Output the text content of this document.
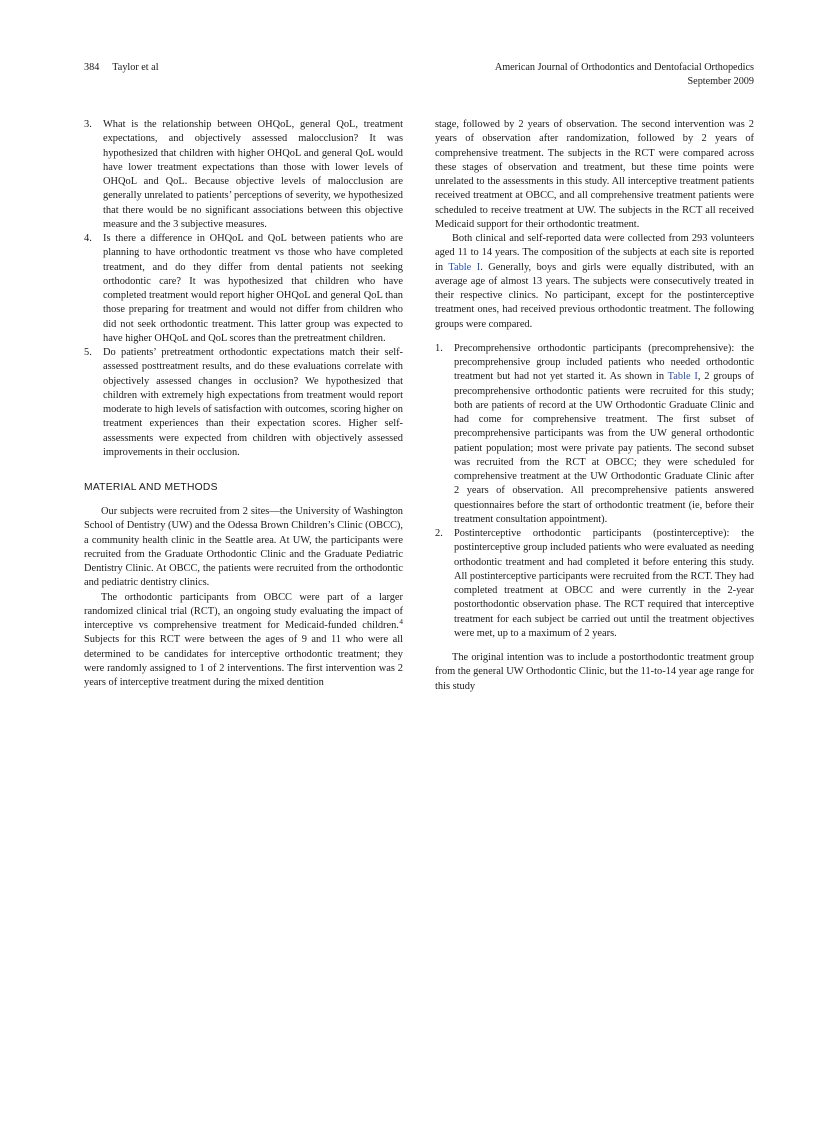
384 Taylor et al	American Journal of Orthodontics and Dentofacial Orthopedics
September 2009
3.	What is the relationship between OHQoL, general QoL, treatment expectations, and objectively assessed malocclusion? It was hypothesized that children with higher OHQoL and general QoL would have lower treatment expectations than those with lower levels of OHQoL and QoL. Because objective levels of malocclusion are generally unrelated to patients’ perceptions of severity, we hypothesized that there would be no significant associations between this objective measure and the 3 subjective measures.
4.	Is there a difference in OHQoL and QoL between patients who are planning to have orthodontic treatment vs those who have completed treatment, and do they differ from dental patients not seeking orthodontic care? It was hypothesized that children who have completed treatment would report higher OHQoL and general QoL than those preparing for treatment and would not differ from children who did not seek orthodontic treatment. This latter group was expected to have higher OHQoL and QoL scores than the pretreatment children.
5.	Do patients’ pretreatment orthodontic expectations match their self-assessed posttreatment results, and do these evaluations correlate with objectively assessed changes in occlusion? We hypothesized that children with extremely high expectations from treatment would report moderate to high levels of satisfaction with outcomes, scoring higher on treatment experiences than their expectation scores. Higher self-assessments were expected from children with objectively assessed improvements in their occlusion.
MATERIAL AND METHODS

Our subjects were recruited from 2 sites—the University of Washington School of Dentistry (UW) and the Odessa Brown Children’s Clinic (OBCC), a community health clinic in the Seattle area. At UW, the participants were recruited from the Graduate Orthodontic Clinic and the Graduate Pediatric Dentistry Clinic. At OBCC, the patients were recruited from the orthodontic and pediatric dentistry clinics.

The orthodontic participants from OBCC were part of a larger randomized clinical trial (RCT), an ongoing study evaluating the impact of interceptive vs comprehensive treatment for Medicaid-funded children.$^4$ Subjects for this RCT were between the ages of 9 and 11 who were all determined to be candidates for interceptive orthodontic treatment; they were randomly assigned to 1 of 2 interventions. The first intervention was 2 years of interceptive treatment during the mixed dentition

stage, followed by 2 years of observation. The second intervention was 2 years of observation after randomization, followed by 2 years of comprehensive treatment. The subjects in the RCT were compared across these stages of observation and treatment, but these time points were unrelated to the assessments in this study. All interceptive treatment patients received treatment at OBCC, and all comprehensive treatment patients were scheduled to receive treatment at UW. The subjects in the RCT all received Medicaid support for their orthodontic treatment.

Both clinical and self-reported data were collected from 293 volunteers aged 11 to 14 years. The composition of the subjects at each site is reported in Table I. Generally, boys and girls were equally distributed, with an average age of almost 13 years. The subjects were consecutively treated in their respective clinics. No participant, except for the postinterceptive treatment ones, had received previous orthodontic treatment. The following groups were compared.

1.	Precomprehensive orthodontic participants (precomprehensive): the precomprehensive group included patients who needed orthodontic treatment but had not yet started it. As shown in Table I, 2 groups of precomprehensive orthodontic patients were recruited for this study; both are patients of record at the UW Orthodontic Graduate Clinic and had come for comprehensive treatment. The first subset of precomprehensive participants was from the UW general orthodontic patient population; most were private pay patients. The second subset was recruited from the RCT at OBCC; they were scheduled for comprehensive treatment at the UW Orthodontic Graduate Clinic after 2 years of observation. All precomprehensive patients answered questionnaires before the start of orthodontic treatment (ie, before their treatment consultation appointment).
2.	Postinterceptive orthodontic participants (postinterceptive): the postinterceptive group included patients who were evaluated as needing orthodontic treatment and had completed it before entering this study. All postinterceptive participants were recruited from the RCT. They had completed treatment at OBCC and were currently in the 2-year postorthodontic observation phase. The RCT required that interceptive treatment for each subject be carried out until the treatment objectives were met, up to a maximum of 2 years.

The original intention was to include a postorthodontic treatment group from the general UW Orthodontic Clinic, but the 11-to-14 year age range for this study
